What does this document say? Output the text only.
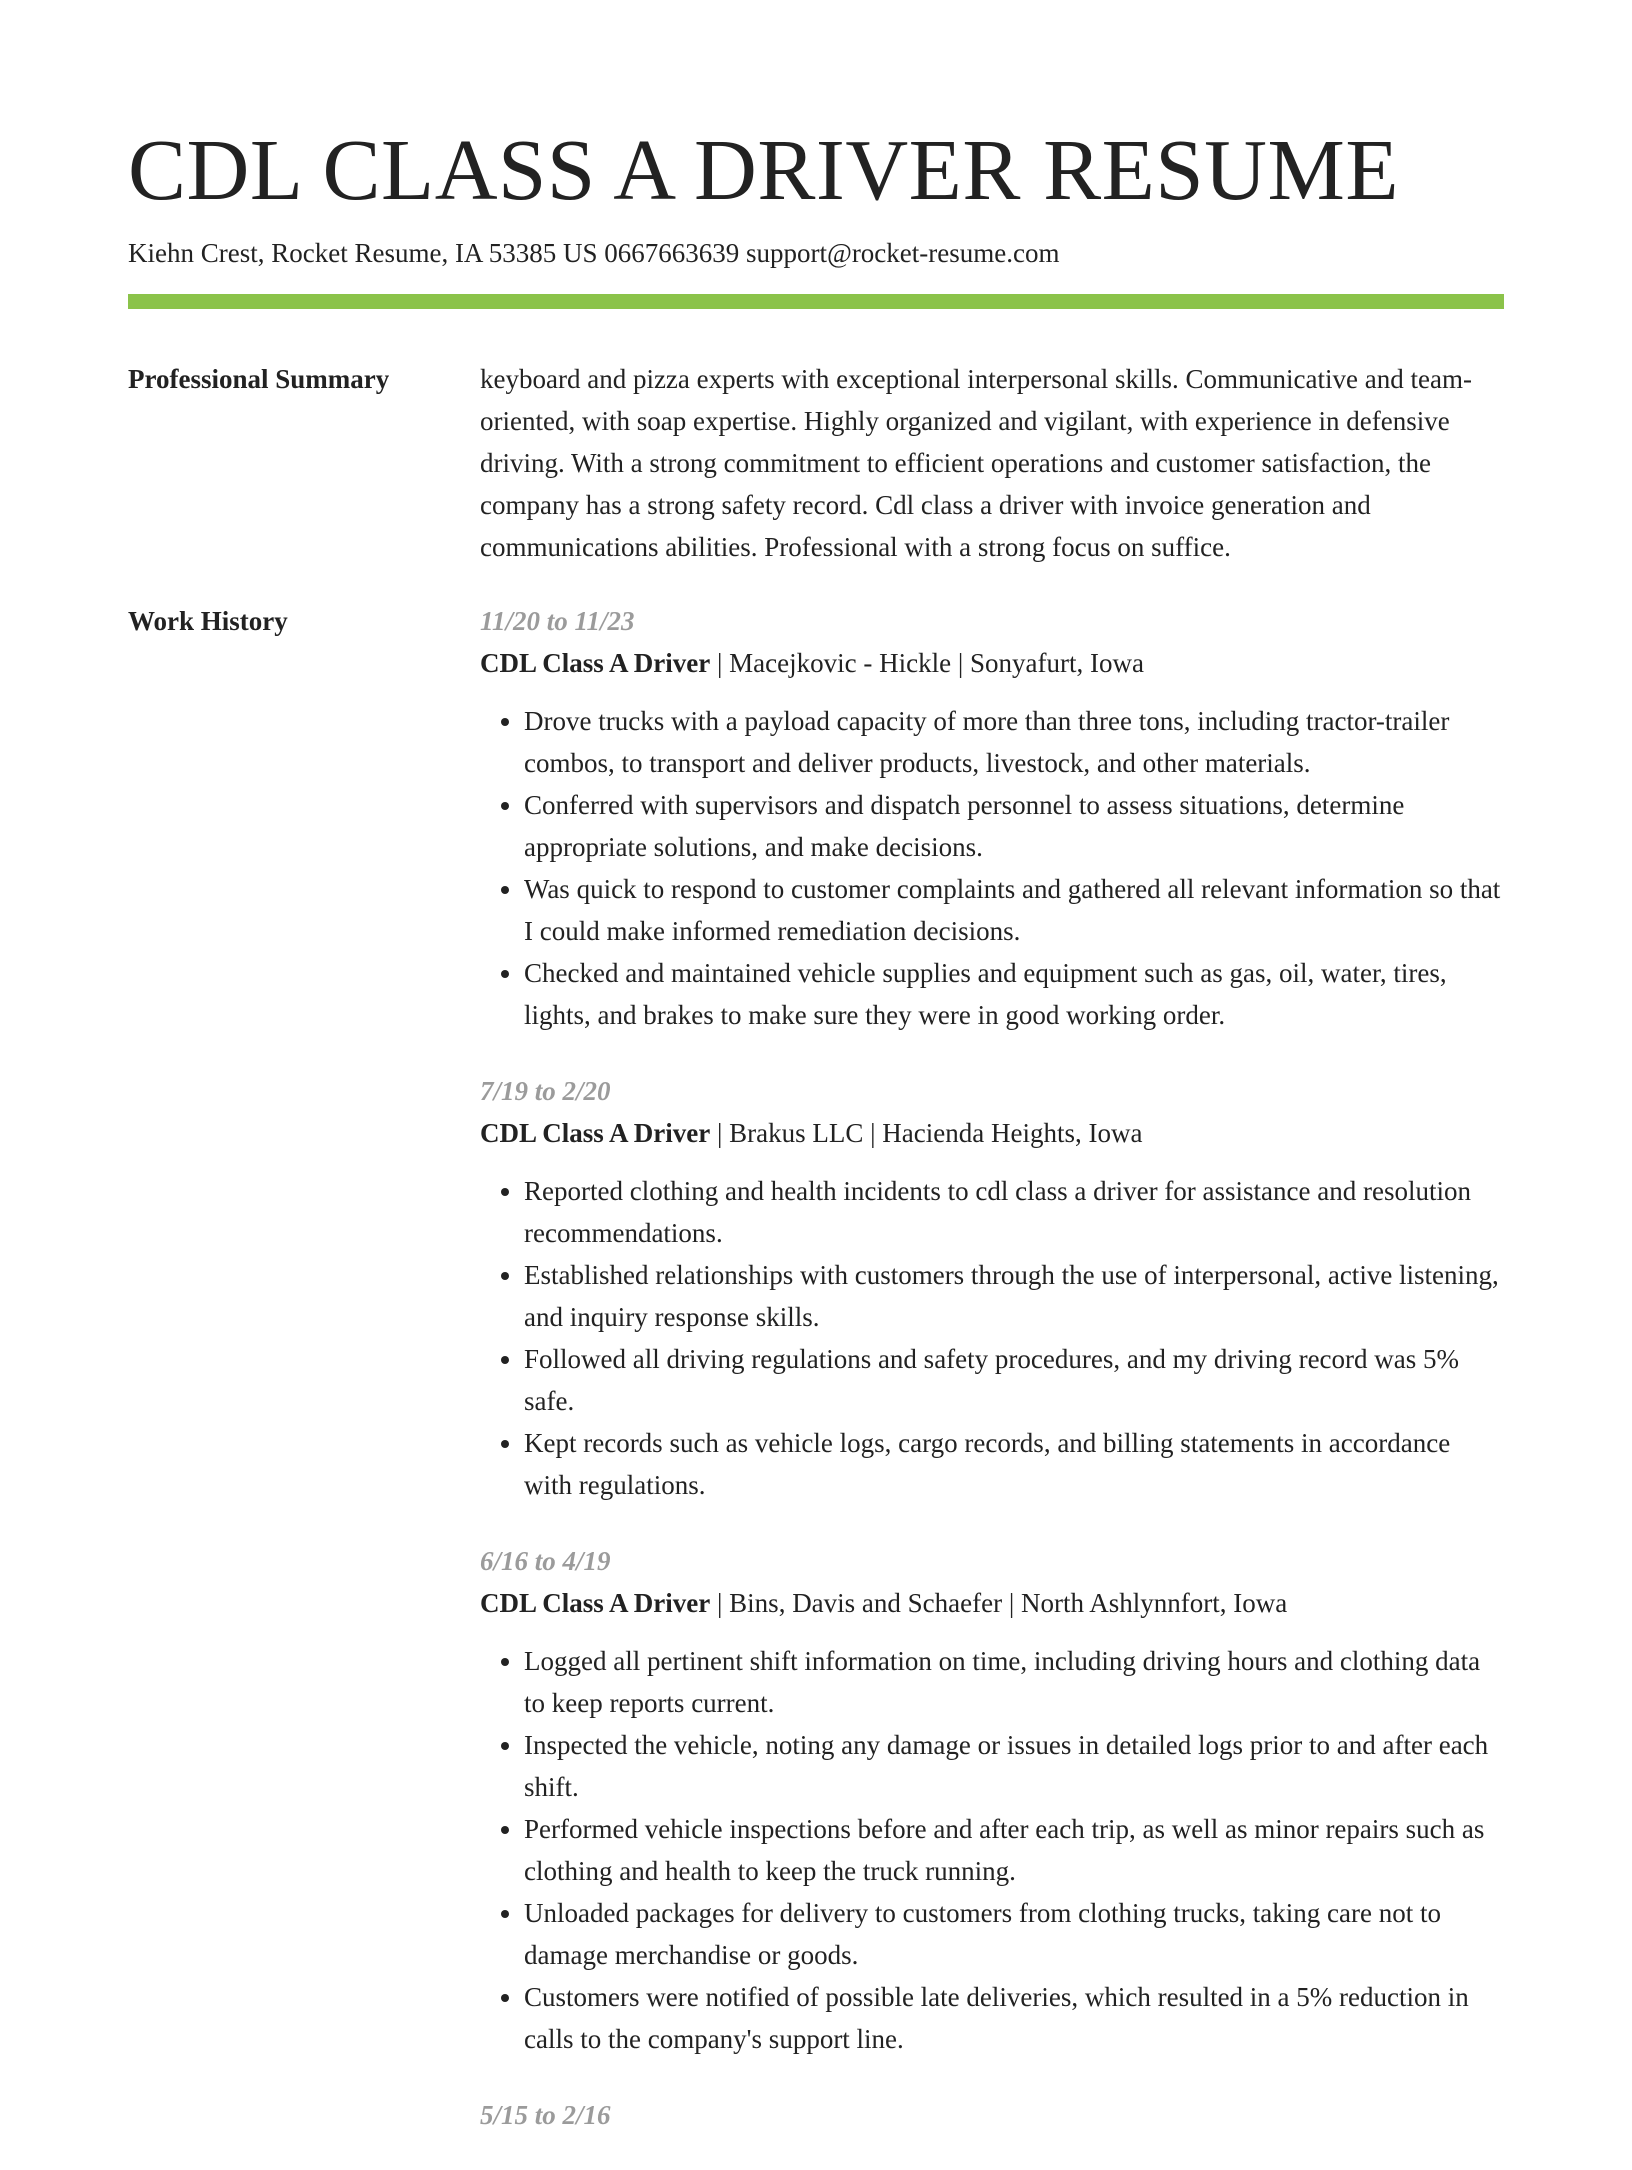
CDL CLASS A DRIVER RESUME
Kiehn Crest, Rocket Resume, IA 53385 US 0667663639 support@rocket-resume.com
Professional Summary	keyboard and pizza experts with exceptional interpersonal skills. Communicative and team-oriented, with soap expertise. Highly organized and vigilant, with experience in defensive driving. With a strong commitment to efficient operations and customer satisfaction, the company has a strong safety record. Cdl class a driver with invoice generation and communications abilities. Professional with a strong focus on suffice.
Work History	11/20 to 11/23
CDL Class A Driver | Macejkovic - Hickle | Sonyafurt, Iowa
• Drove trucks with a payload capacity of more than three tons, including tractor-trailer combos, to transport and deliver products, livestock, and other materials.
• Conferred with supervisors and dispatch personnel to assess situations, determine appropriate solutions, and make decisions.
• Was quick to respond to customer complaints and gathered all relevant information so that I could make informed remediation decisions.
• Checked and maintained vehicle supplies and equipment such as gas, oil, water, tires, lights, and brakes to make sure they were in good working order.
7/19 to 2/20
CDL Class A Driver | Brakus LLC | Hacienda Heights, Iowa
• Reported clothing and health incidents to cdl class a driver for assistance and resolution recommendations.
• Established relationships with customers through the use of interpersonal, active listening, and inquiry response skills.
• Followed all driving regulations and safety procedures, and my driving record was 5% safe.
• Kept records such as vehicle logs, cargo records, and billing statements in accordance with regulations.
6/16 to 4/19
CDL Class A Driver | Bins, Davis and Schaefer | North Ashlynnfort, Iowa
• Logged all pertinent shift information on time, including driving hours and clothing data to keep reports current.
• Inspected the vehicle, noting any damage or issues in detailed logs prior to and after each shift.
• Performed vehicle inspections before and after each trip, as well as minor repairs such as clothing and health to keep the truck running.
• Unloaded packages for delivery to customers from clothing trucks, taking care not to damage merchandise or goods.
• Customers were notified of possible late deliveries, which resulted in a 5% reduction in calls to the company's support line.
5/15 to 2/16
